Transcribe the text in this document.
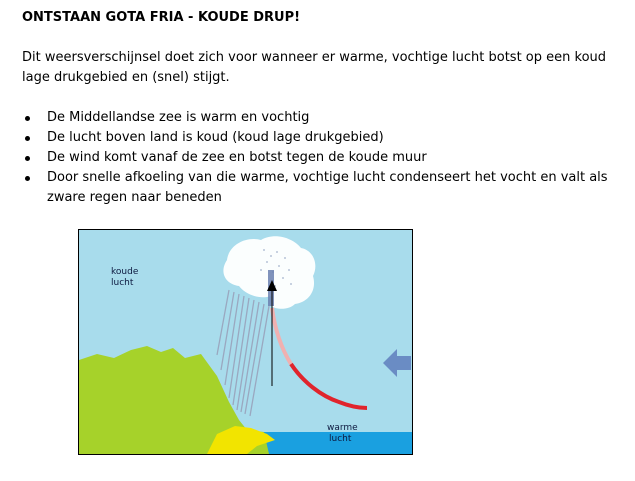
ONTSTAAN GOTA FRIA - KOUDE DRUP!
Dit weersverschijnsel doet zich voor wanneer er warme, vochtige lucht botst op een koud lage drukgebied en (snel) stijgt.
De Middellandse zee is warm en vochtig
De lucht boven land is koud (koud lage drukgebied)
De wind komt vanaf de zee en botst tegen de koude muur
Door snelle afkoeling van die warme, vochtige lucht condenseert het vocht en valt als zware regen naar beneden
koude
lucht
warme
lucht
